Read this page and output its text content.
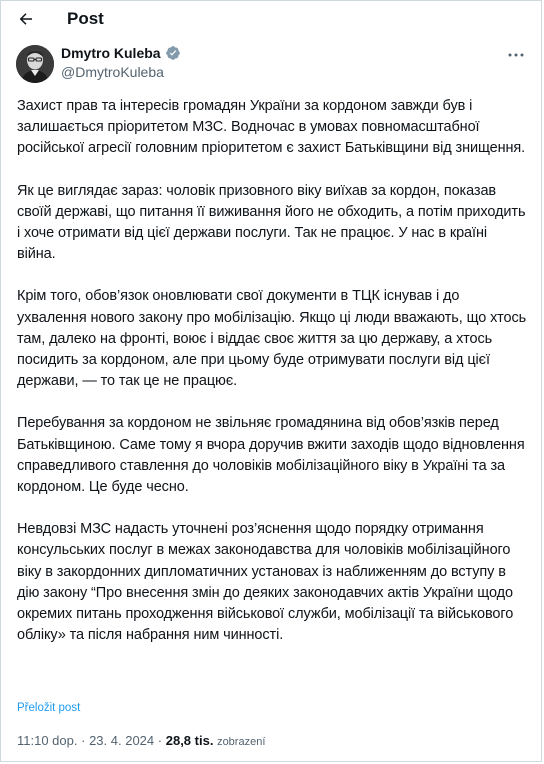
Post
Dmytro Kuleba
@DmytroKuleba

Захист прав та інтересів громадян України за кордоном завжди був і залишається пріоритетом МЗС. Водночас в умовах повномасштабної російської агресії головним пріоритетом є захист Батьківщини від знищення.

Як це виглядає зараз: чоловік призовного віку виїхав за кордон, показав своїй державі, що питання її виживання його не обходить, а потім приходить і хоче отримати від цієї держави послуги. Так не працює. У нас в країні війна.

Крім того, обов’язок оновлювати свої документи в ТЦК існував і до ухвалення нового закону про мобілізацію. Якщо ці люди вважають, що хтось там, далеко на фронті, воює і віддає своє життя за цю державу, а хтось посидить за кордоном, але при цьому буде отримувати послуги від цієї держави, — то так це не працює.

Перебування за кордоном не звільняє громадянина від обов’язків перед Батьківщиною. Саме тому я вчора доручив вжити заходів щодо відновлення справедливого ставлення до чоловіків мобілізаційного віку в Україні та за кордоном. Це буде чесно.

Невдовзі МЗС надасть уточнені роз’яснення щодо порядку отримання консульських послуг в межах законодавства для чоловіків мобілізаційного віку в закордонних дипломатичних установах із наближенням до вступу в дію закону “Про внесення змін до деяких законодавчих актів України щодо окремих питань проходження військової служби, мобілізації та військового обліку» та після набрання ним чинності.

Přeložit post
11:10 dop. · 23. 4. 2024 · 28,8 tis. zobrazení
